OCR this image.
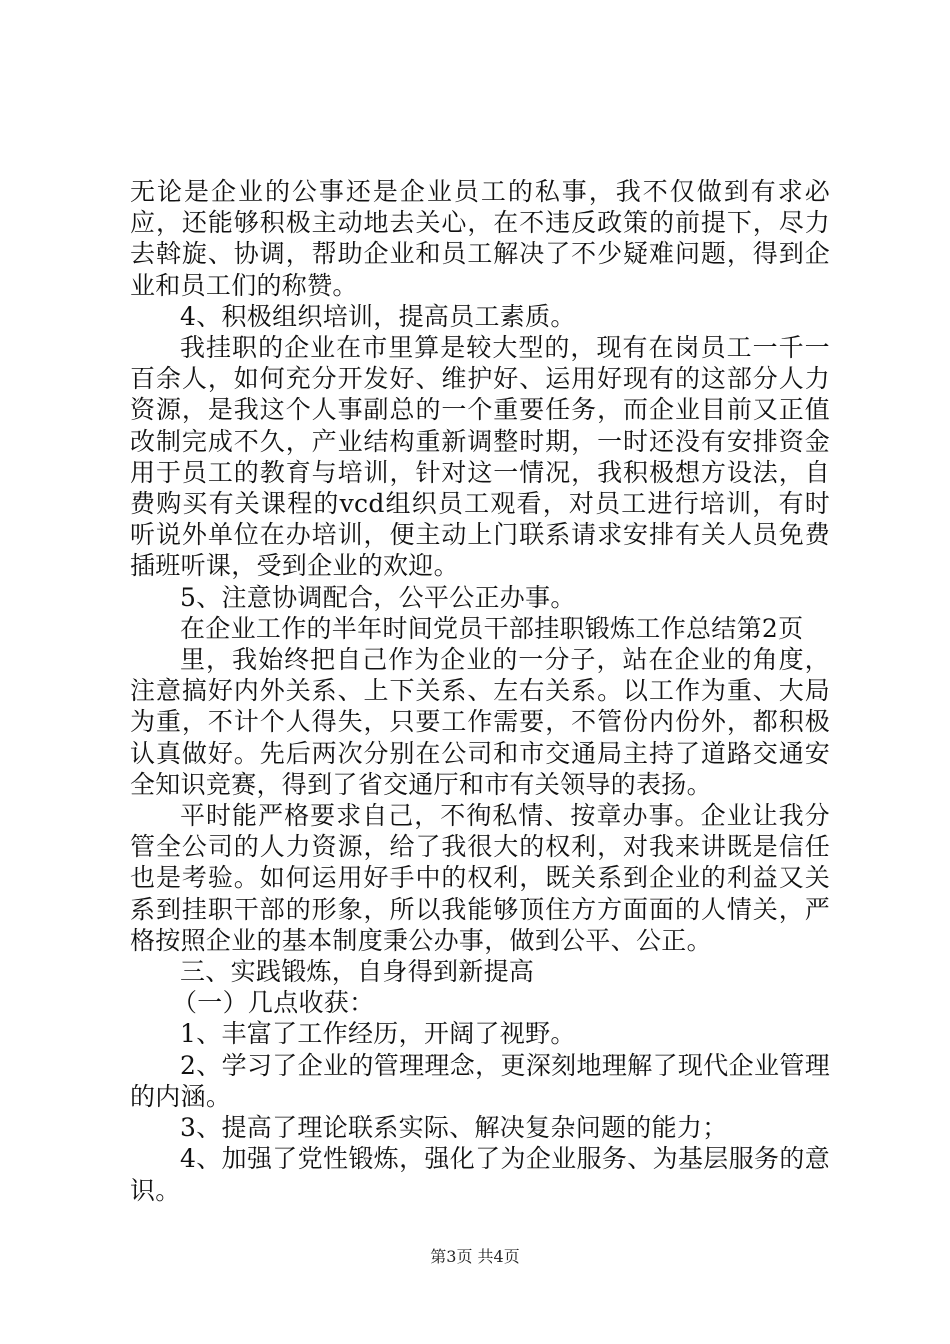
无论是企业的公事还是企业员工的私事，我不仅做到有求必应，还能够积极主动地去关心，在不违反政策的前提下，尽力去斡旋、协调，帮助企业和员工解决了不少疑难问题，得到企业和员工们的称赞。

4、积极组织培训，提高员工素质。

我挂职的企业在市里算是较大型的，现有在岗员工一千一百余人，如何充分开发好、维护好、运用好现有的这部分人力资源，是我这个人事副总的一个重要任务，而企业目前又正值改制完成不久，产业结构重新调整时期，一时还没有安排资金用于员工的教育与培训，针对这一情况，我积极想方设法，自费购买有关课程的vcd组织员工观看，对员工进行培训，有时听说外单位在办培训，便主动上门联系请求安排有关人员免费插班听课，受到企业的欢迎。

5、注意协调配合，公平公正办事。

在企业工作的半年时间党员干部挂职锻炼工作总结第2页

里，我始终把自己作为企业的一分子，站在企业的角度，注意搞好内外关系、上下关系、左右关系。以工作为重、大局为重，不计个人得失，只要工作需要，不管份内份外，都积极认真做好。先后两次分别在公司和市交通局主持了道路交通安全知识竞赛，得到了省交通厅和市有关领导的表扬。

平时能严格要求自己，不徇私情、按章办事。企业让我分管全公司的人力资源，给了我很大的权利，对我来讲既是信任也是考验。如何运用好手中的权利，既关系到企业的利益又关系到挂职干部的形象，所以我能够顶住方方面面的人情关，严格按照企业的基本制度秉公办事，做到公平、公正。

三、实践锻炼，自身得到新提高

（一）几点收获：

1、丰富了工作经历，开阔了视野。

2、学习了企业的管理理念，更深刻地理解了现代企业管理的内涵。

3、提高了理论联系实际、解决复杂问题的能力；

4、加强了党性锻炼，强化了为企业服务、为基层服务的意识。

第3页 共4页
